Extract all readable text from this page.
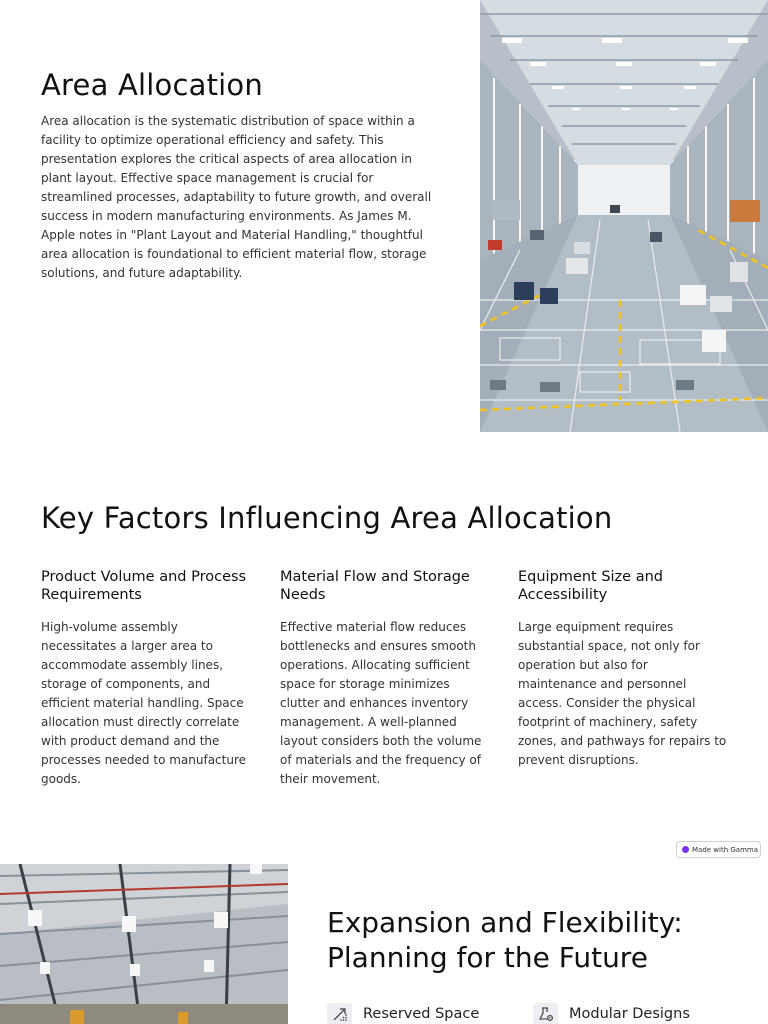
Area Allocation

Area allocation is the systematic distribution of space within a facility to optimize operational efficiency and safety. This presentation explores the critical aspects of area allocation in plant layout. Effective space management is crucial for streamlined processes, adaptability to future growth, and overall success in modern manufacturing environments. As James M. Apple notes in "Plant Layout and Material Handling," thoughtful area allocation is foundational to efficient material flow, storage solutions, and future adaptability.

Key Factors Influencing Area Allocation
Product Volume and Process Requirements

High-volume assembly necessitates a larger area to accommodate assembly lines, storage of components, and efficient material handling. Space allocation must directly correlate with product demand and the processes needed to manufacture goods.

Material Flow and Storage Needs

Effective material flow reduces bottlenecks and ensures smooth operations. Allocating sufficient space for storage minimizes clutter and enhances inventory management. A well-planned layout considers both the volume of materials and the frequency of their movement.

Equipment Size and Accessibility

Large equipment requires substantial space, not only for operation but also for maintenance and personnel access. Consider the physical footprint of machinery, safety zones, and pathways for repairs to prevent disruptions.

Made with Gamma
Expansion and Flexibility: Planning for the Future
Reserved Space	Modular Designs
